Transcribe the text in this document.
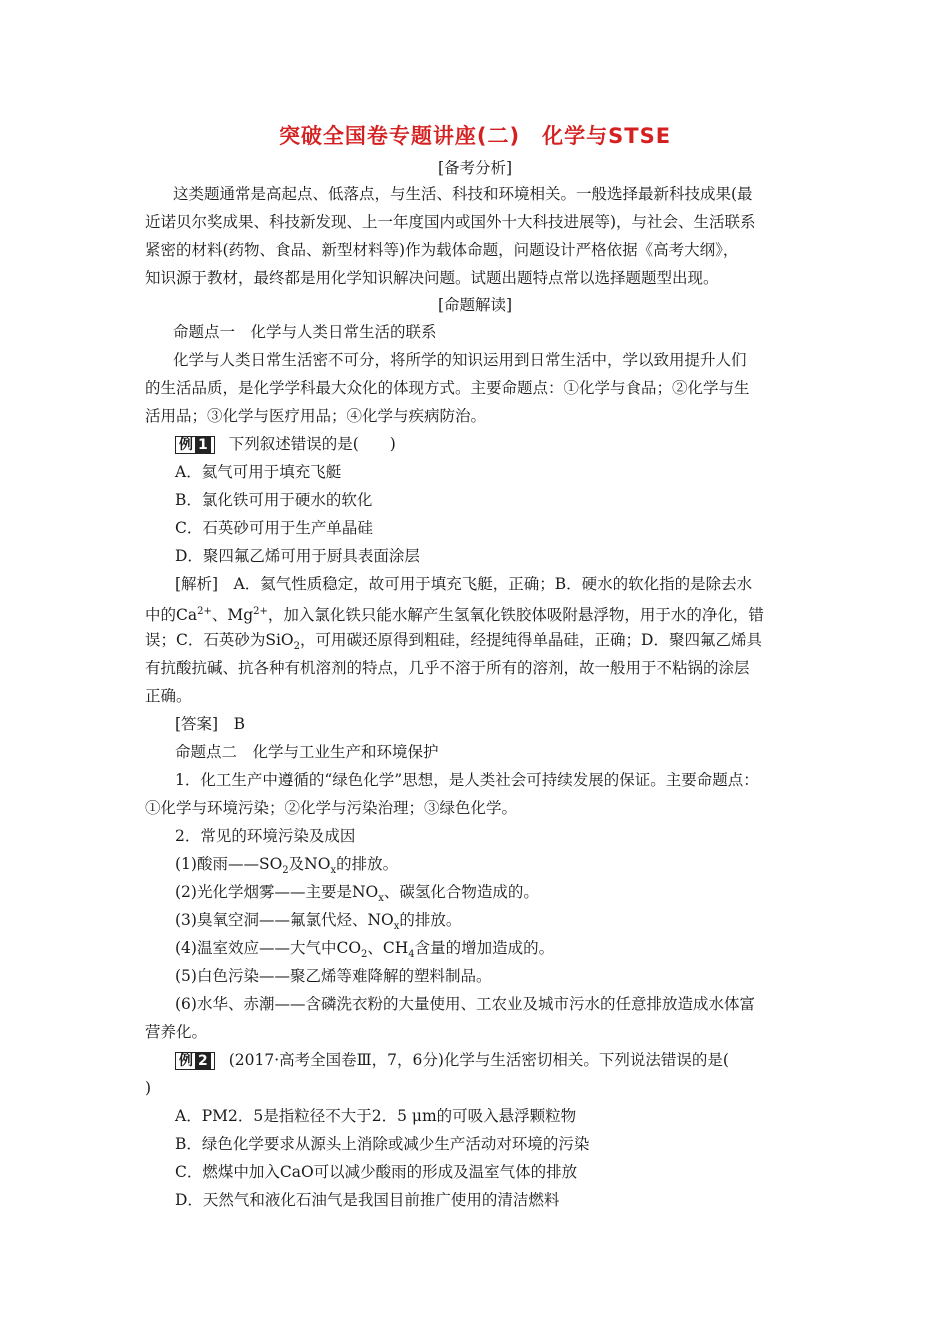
突破全国卷专题讲座(二)　化学与STSE
[备考分析]
这类题通常是高起点、低落点，与生活、科技和环境相关。一般选择最新科技成果(最
近诺贝尔奖成果、科技新发现、上一年度国内或国外十大科技进展等)，与社会、生活联系
紧密的材料(药物、食品、新型材料等)作为载体命题，问题设计严格依据《高考大纲》，
知识源于教材，最终都是用化学知识解决问题。试题出题特点常以选择题题型出现。
[命题解读]
命题点一　化学与人类日常生活的联系
化学与人类日常生活密不可分，将所学的知识运用到日常生活中，学以致用提升人们
的生活品质，是化学学科最大众化的体现方式。主要命题点：①化学与食品；②化学与生
活用品；③化学与医疗用品；④化学与疾病防治。
例 1 下列叙述错误的是(　　)
A．氦气可用于填充飞艇
B．氯化铁可用于硬水的软化
C．石英砂可用于生产单晶硅
D．聚四氟乙烯可用于厨具表面涂层
[解析]　A．氦气性质稳定，故可用于填充飞艇，正确；B．硬水的软化指的是除去水
中的$Ca^{2+}$、$Mg^{2+}$，加入氯化铁只能水解产生氢氧化铁胶体吸附悬浮物，用于水的净化，错
误；C．石英砂为SiO$_2$，可用碳还原得到粗硅，经提纯得单晶硅，正确；D．聚四氟乙烯具
有抗酸抗碱、抗各种有机溶剂的特点，几乎不溶于所有的溶剂，故一般用于不粘锅的涂层
正确。
[答案]　B
命题点二　化学与工业生产和环境保护
1．化工生产中遵循的“绿色化学”思想，是人类社会可持续发展的保证。主要命题点：
①化学与环境污染；②化学与污染治理；③绿色化学。
2．常见的环境污染及成因
(1)酸雨$——SO_2$及$NO_x$的排放。
(2)光化学烟雾——主要是$NO_x$、碳氢化合物造成的。
(3)臭氧空洞——氟氯代烃、$NO_x$的排放。
(4)温室效应——大气中$CO_2$、$CH_4$含量的增加造成的。
(5)白色污染——聚乙烯等难降解的塑料制品。
(6)水华、赤潮——含磷洗衣粉的大量使用、工农业及城市污水的任意排放造成水体富
营养化。
例 2 (2017·高考全国卷Ⅲ，7，6分)化学与生活密切相关。下列说法错误的是(
)
A．PM2．5是指粒径不大于2．5 μm的可吸入悬浮颗粒物
B．绿色化学要求从源头上消除或减少生产活动对环境的污染
C．燃煤中加入CaO可以减少酸雨的形成及温室气体的排放
D．天然气和液化石油气是我国目前推广使用的清洁燃料
